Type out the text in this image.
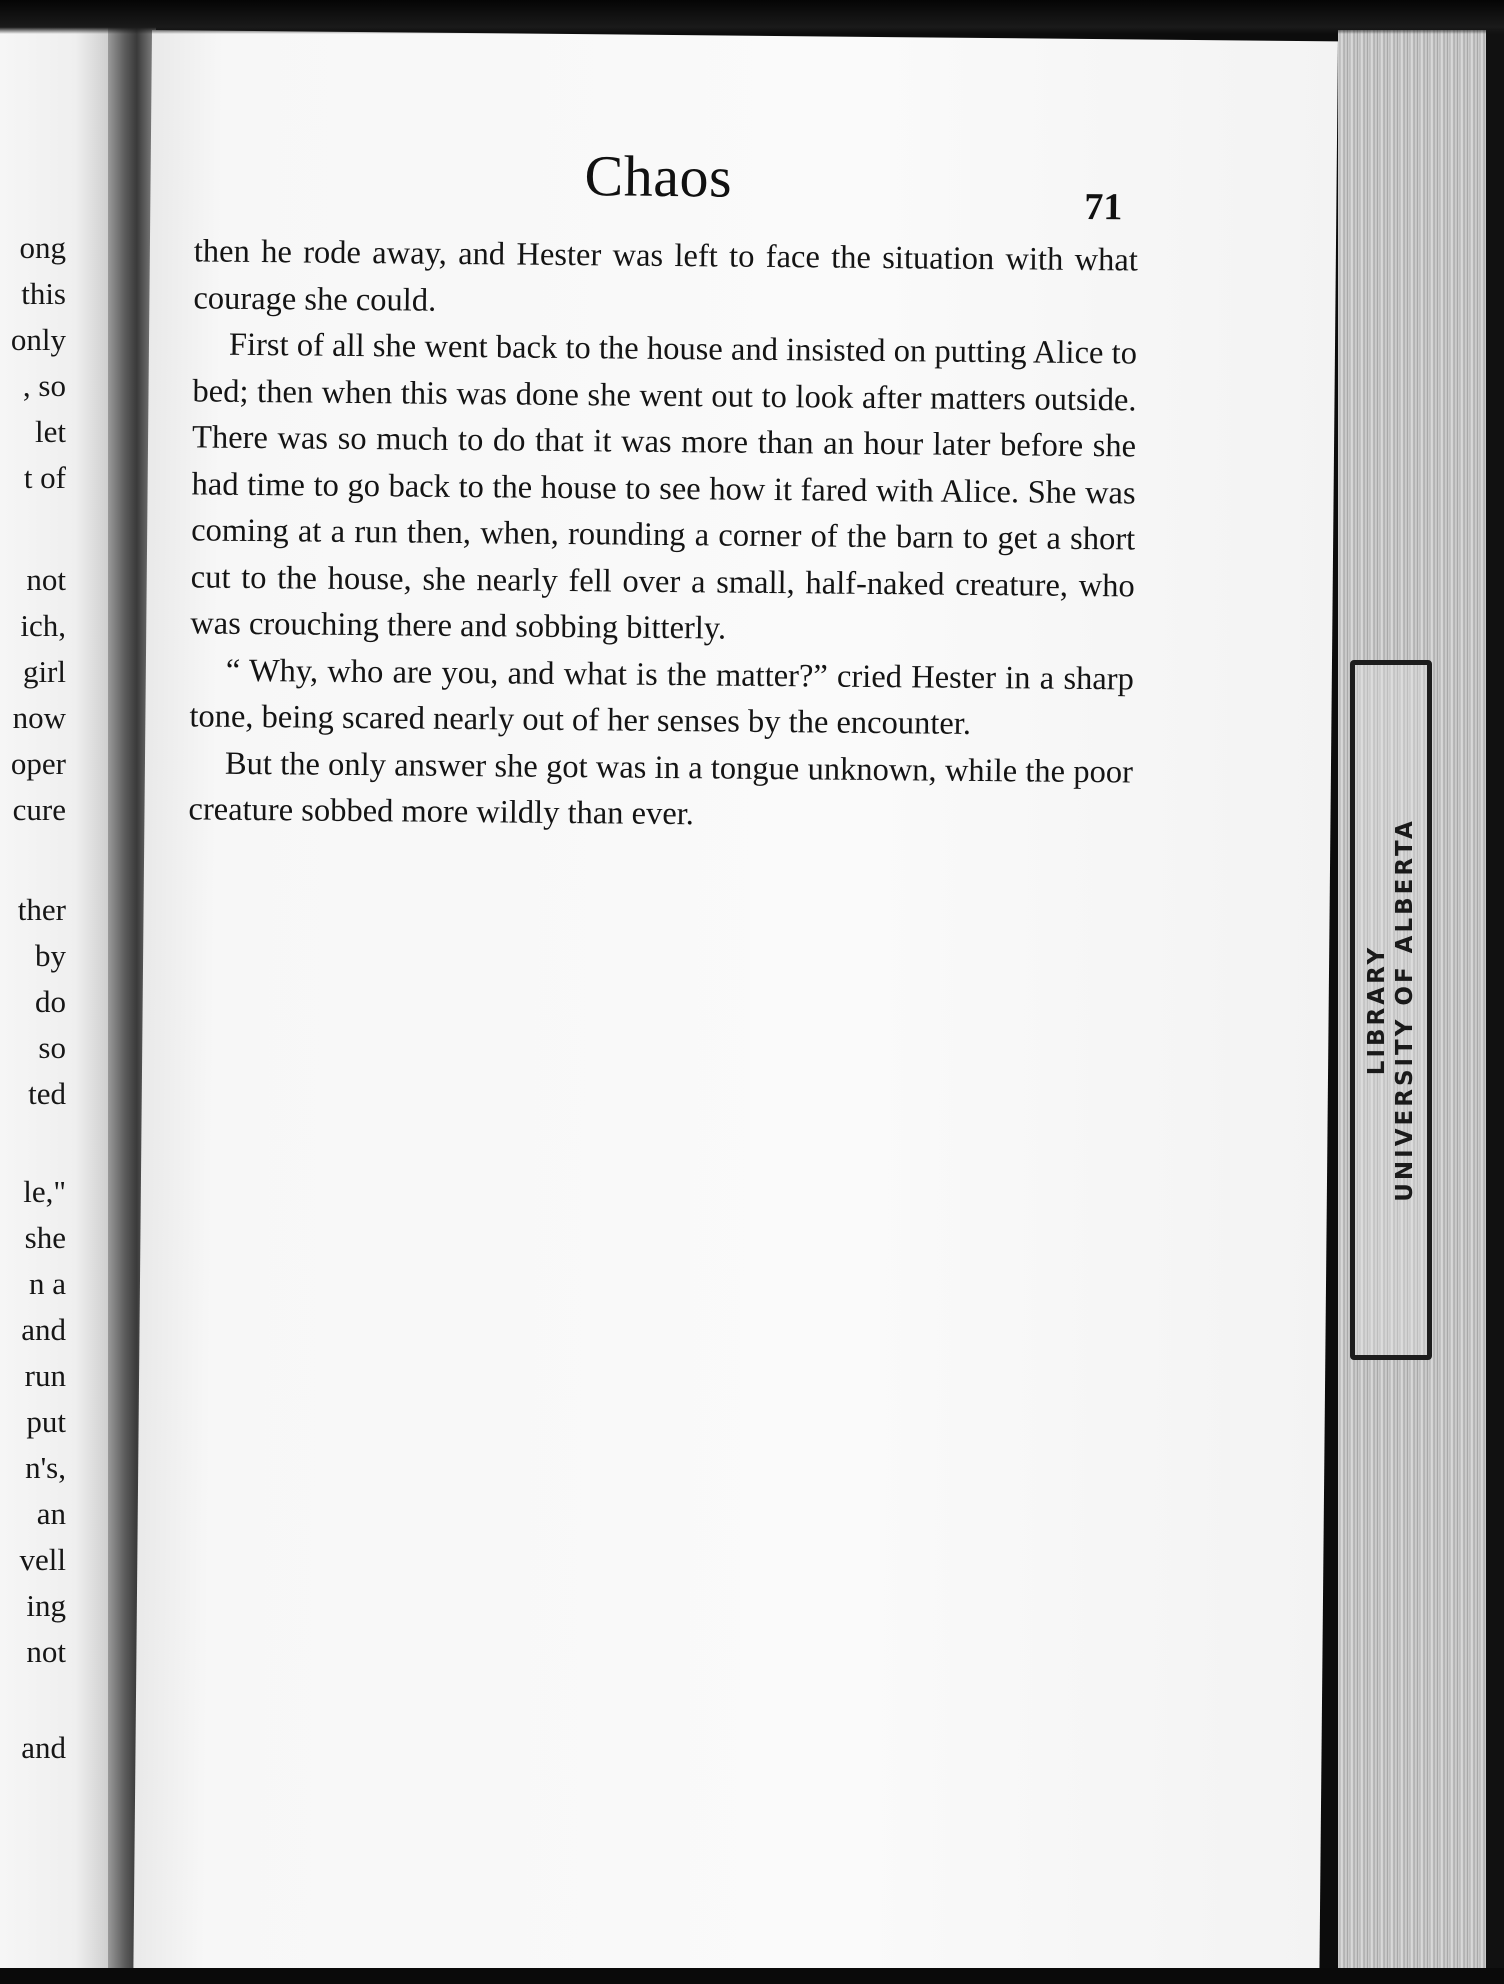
ong
this
only
, so
let
t of
not
ich,
girl
now
oper
cure
ther
by
do
so
ted
le,"
she
n a
and
run
put
n's,
an
vell
ing
not
and
Chaos	71

then he rode away, and Hester was left to face the situation with what courage she could.

First of all she went back to the house and insisted on putting Alice to bed; then when this was done she went out to look after matters outside. There was so much to do that it was more than an hour later before she had time to go back to the house to see how it fared with Alice. She was coming at a run then, when, rounding a corner of the barn to get a short cut to the house, she nearly fell over a small, half-naked creature, who was crouching there and sobbing bitterly.

“ Why, who are you, and what is the matter?” cried Hester in a sharp tone, being scared nearly out of her senses by the encounter.

But the only answer she got was in a tongue unknown, while the poor creature sobbed more wildly than ever.

LIBRARY UNIVERSITY OF ALBERTA
